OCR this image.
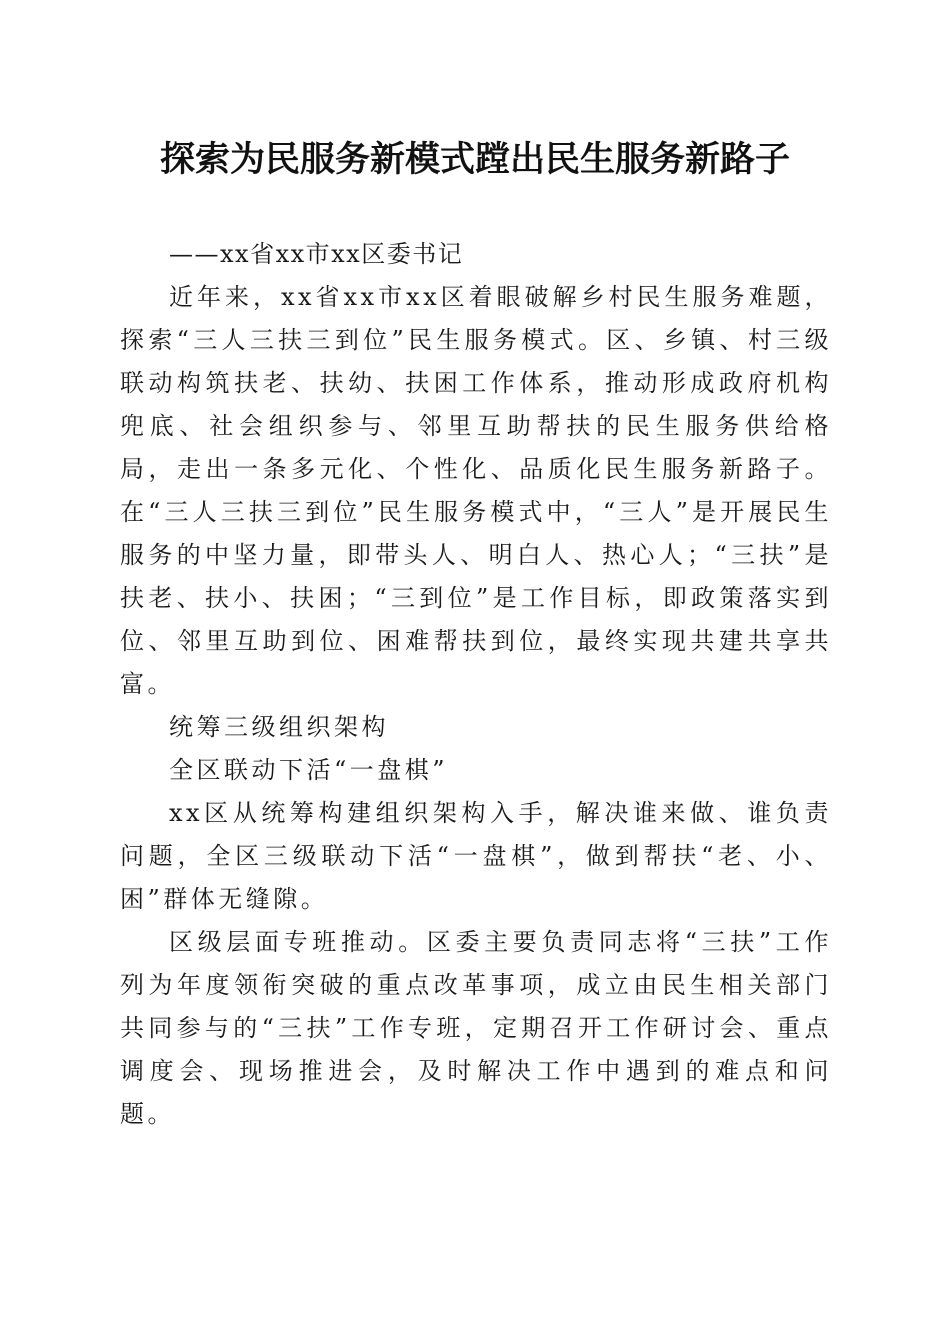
探索为民服务新模式蹚出民生服务新路子

——xx省xx市xx区委书记

近年来，xx省xx市xx区着眼破解乡村民生服务难题，探索“三人三扶三到位”民生服务模式。区、乡镇、村三级联动构筑扶老、扶幼、扶困工作体系，推动形成政府机构兜底、社会组织参与、邻里互助帮扶的民生服务供给格局，走出一条多元化、个性化、品质化民生服务新路子。在“三人三扶三到位”民生服务模式中，“三人”是开展民生服务的中坚力量，即带头人、明白人、热心人；“三扶”是扶老、扶小、扶困；“三到位”是工作目标，即政策落实到位、邻里互助到位、困难帮扶到位，最终实现共建共享共富。

统筹三级组织架构

全区联动下活“一盘棋”

xx区从统筹构建组织架构入手，解决谁来做、谁负责问题，全区三级联动下活“一盘棋”，做到帮扶“老、小、困”群体无缝隙。

区级层面专班推动。区委主要负责同志将“三扶”工作列为年度领衔突破的重点改革事项，成立由民生相关部门共同参与的“三扶”工作专班，定期召开工作研讨会、重点调度会、现场推进会，及时解决工作中遇到的难点和问题。
